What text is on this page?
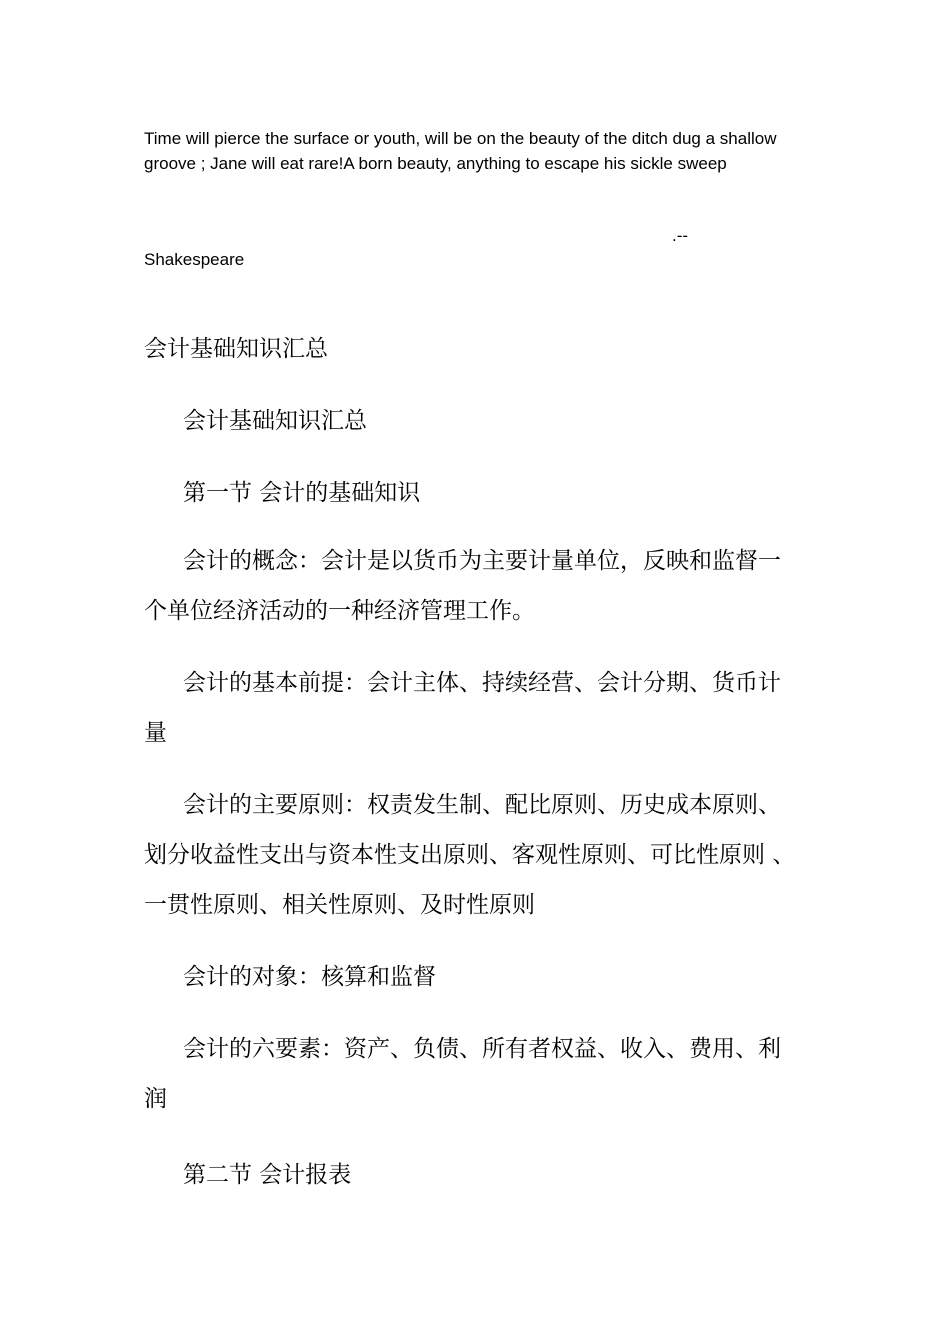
Time will pierce the surface or youth, will be on the beauty of the ditch dug a shallow groove ; Jane will eat rare!A born beauty, anything to escape his sickle sweep

.--
Shakespeare
会计基础知识汇总
会计基础知识汇总
第一节 会计的基础知识

会计的概念：会计是以货币为主要计量单位，反映和监督一
个单位经济活动的一种经济管理工作。

会计的基本前提：会计主体、持续经营、会计分期、货币计
量

会计的主要原则：权责发生制、配比原则、历史成本原则、
划分收益性支出与资本性支出原则、客观性原则、可比性原则 、
一贯性原则、相关性原则、及时性原则

会计的对象：核算和监督

会计的六要素：资产、负债、所有者权益、收入、费用、利
润

第二节 会计报表
